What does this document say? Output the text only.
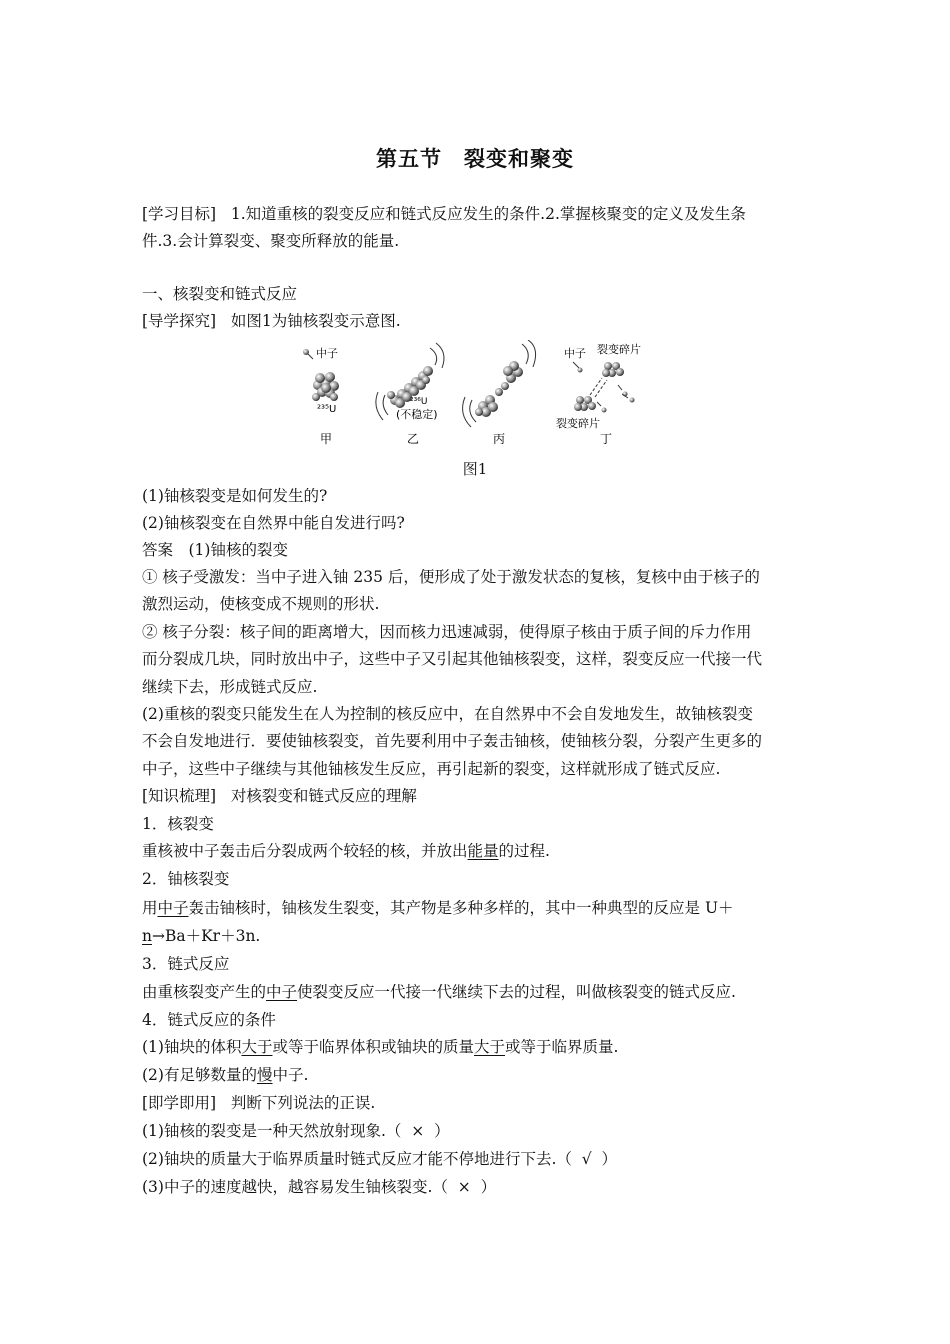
第五节　裂变和聚变
[学习目标] 1.知道重核的裂变反应和链式反应发生的条件.2.掌握核聚变的定义及发生条
件.3.会计算裂变、聚变所释放的能量.
一、核裂变和链式反应
[导学探究] 如图1为铀核裂变示意图.
中子
²³⁵U
甲
²³⁶U
(不稳定)
乙	丙
中子 裂变碎片
裂变碎片
丁
图1
(1)铀核裂变是如何发生的?
(2)铀核裂变在自然界中能自发进行吗?
答案　(1)铀核的裂变
① 核子受激发：当中子进入铀 235 后，便形成了处于激发状态的复核，复核中由于核子的
激烈运动，使核变成不规则的形状.
② 核子分裂：核子间的距离增大，因而核力迅速减弱，使得原子核由于质子间的斥力作用
而分裂成几块，同时放出中子，这些中子又引起其他铀核裂变，这样，裂变反应一代接一代
继续下去，形成链式反应.
(2)重核的裂变只能发生在人为控制的核反应中，在自然界中不会自发地发生，故铀核裂变
不会自发地进行．要使铀核裂变，首先要利用中子轰击铀核，使铀核分裂，分裂产生更多的
中子，这些中子继续与其他铀核发生反应，再引起新的裂变，这样就形成了链式反应.
[知识梳理] 对核裂变和链式反应的理解
1．核裂变
重核被中子轰击后分裂成两个较轻的核，并放出能量的过程.
2．铀核裂变
用中子轰击铀核时，铀核发生裂变，其产物是多种多样的，其中一种典型的反应是 U＋
n→Ba＋Kr＋3n.
3．链式反应
由重核裂变产生的中子使裂变反应一代接一代继续下去的过程，叫做核裂变的链式反应.
4．链式反应的条件
(1)铀块的体积大于或等于临界体积或铀块的质量大于或等于临界质量.
(2)有足够数量的慢中子.
[即学即用] 判断下列说法的正误.
(1)铀核的裂变是一种天然放射现象.（ × ）
(2)铀块的质量大于临界质量时链式反应才能不停地进行下去.（ √ ）
(3)中子的速度越快，越容易发生铀核裂变.（ × ）
